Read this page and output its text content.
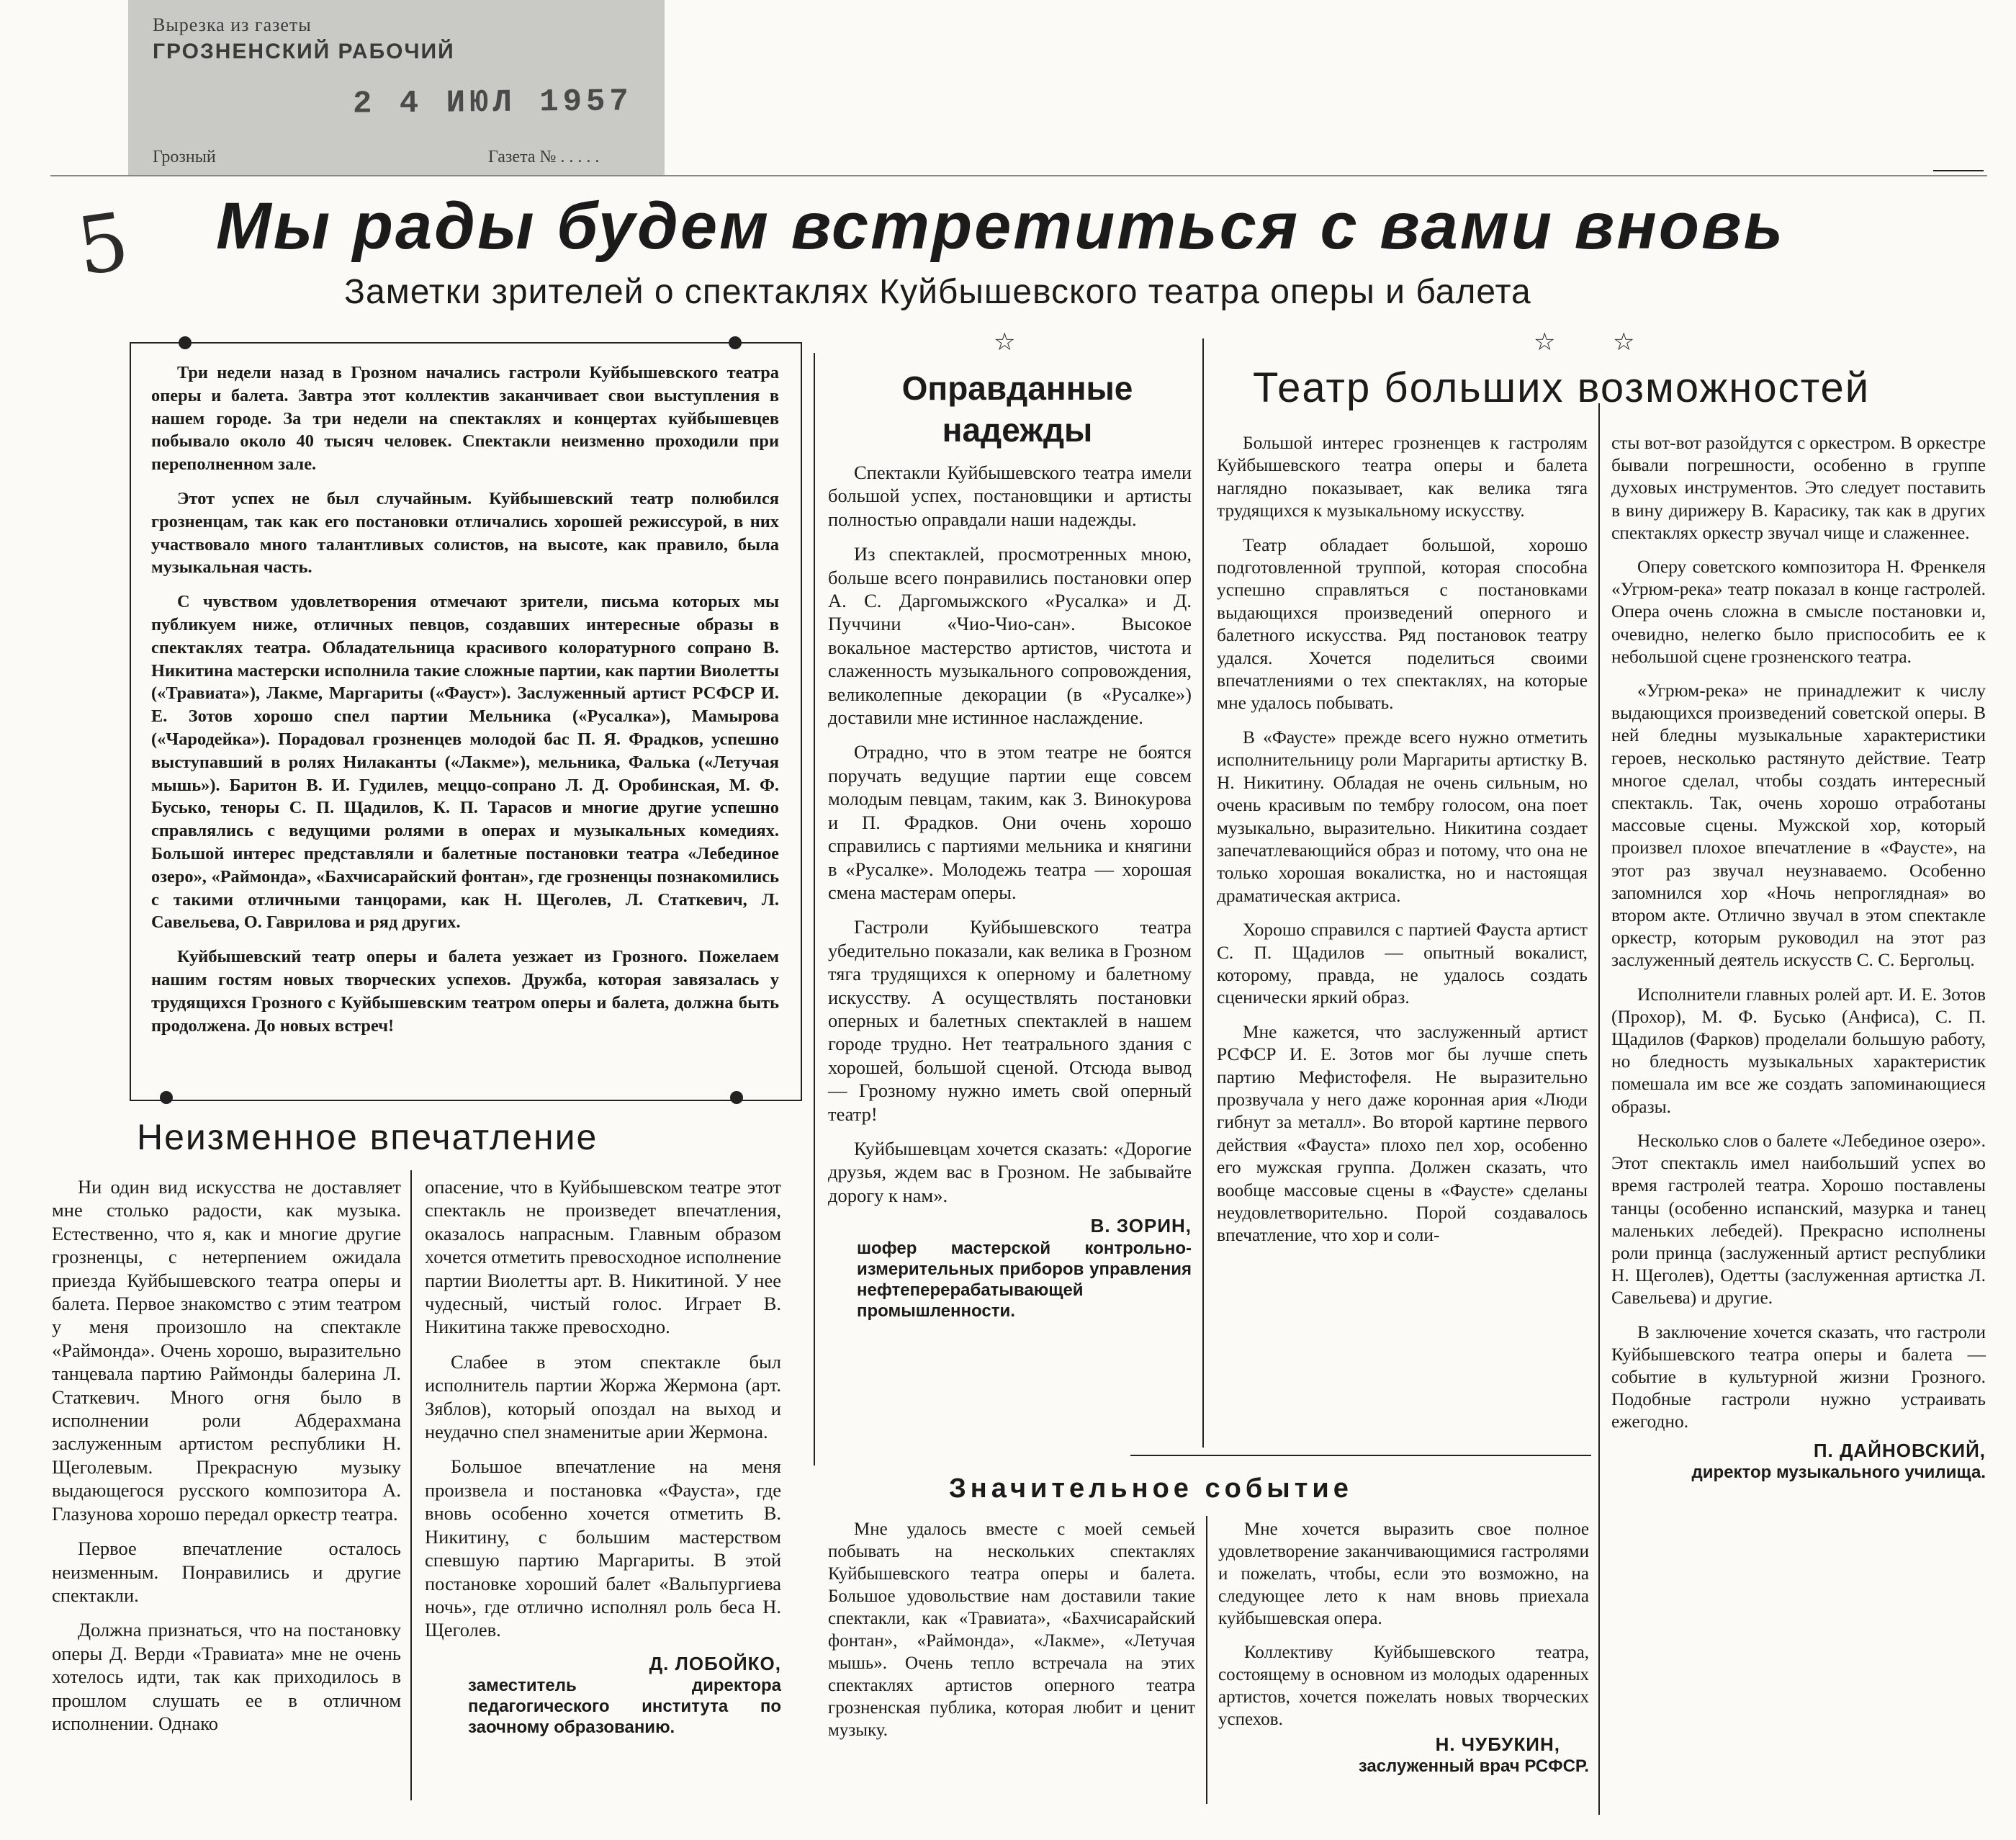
Вырезка из газеты
ГРОЗНЕНСКИЙ РАБОЧИЙ
2 4 ИЮЛ 1957
Грозный	Газета № . . . . .
5 Мы рады будем встретиться с вами вновь
Заметки зрителей о спектаклях Куйбышевского театра оперы и балета

Три недели назад в Грозном начались гастроли Куйбышевского театра оперы и балета. Завтра этот коллектив заканчивает свои выступления в нашем городе. За три недели на спектаклях и концертах куйбышевцев побывало около 40 тысяч человек. Спектакли неизменно проходили при переполненном зале.

Этот успех не был случайным. Куйбышевский театр полюбился грозненцам, так как его постановки отличались хорошей режиссурой, в них участвовало много талантливых солистов, на высоте, как правило, была музыкальная часть.

С чувством удовлетворения отмечают зрители, письма которых мы публикуем ниже, отличных певцов, создавших интересные образы в спектаклях театра. Обладательница красивого колоратурного сопрано В. Никитина мастерски исполнила такие сложные партии, как партии Виолетты («Травиата»), Лакме, Маргариты («Фауст»). Заслуженный артист РСФСР И. Е. Зотов хорошо спел партии Мельника («Русалка»), Мамырова («Чародейка»). Порадовал грозненцев молодой бас П. Я. Фрадков, успешно выступавший в ролях Нилаканты («Лакме»), мельника, Фалька («Летучая мышь»). Баритон В. И. Гудилев, меццо-сопрано Л. Д. Оробинская, М. Ф. Бусько, теноры С. П. Щадилов, К. П. Тарасов и многие другие успешно справлялись с ведущими ролями в операх и музыкальных комедиях. Большой интерес представляли и балетные постановки театра «Лебединое озеро», «Раймонда», «Бахчисарайский фонтан», где грозненцы познакомились с такими отличными танцорами, как Н. Щеголев, Л. Статкевич, Л. Савельева, О. Гаврилова и ряд других.

Куйбышевский театр оперы и балета уезжает из Грозного. Пожелаем нашим гостям новых творческих успехов. Дружба, которая завязалась у трудящихся Грозного с Куйбышевским театром оперы и балета, должна быть продолжена. До новых встреч!

☆	☆ ☆
Неизменное впечатление

Ни один вид искусства не доставляет мне столько радости, как музыка. Естественно, что я, как и многие другие грозненцы, с нетерпением ожидала приезда Куйбышевского театра оперы и балета. Первое знакомство с этим театром у меня произошло на спектакле «Раймонда». Очень хорошо, выразительно танцевала партию Раймонды балерина Л. Статкевич. Много огня было в исполнении роли Абдерахмана заслуженным артистом республики Н. Щеголевым. Прекрасную музыку выдающегося русского композитора А. Глазунова хорошо передал оркестр театра.

Первое впечатление осталось неизменным. Понравились и другие спектакли.

Должна признаться, что на постановку оперы Д. Верди «Травиата» мне не очень хотелось идти, так как приходилось в прошлом слушать ее в отличном исполнении. Однако

опасение, что в Куйбышевском театре этот спектакль не произведет впечатления, оказалось напрасным. Главным образом хочется отметить превосходное исполнение партии Виолетты арт. В. Никитиной. У нее чудесный, чистый голос. Играет В. Никитина также превосходно.

Слабее в этом спектакле был исполнитель партии Жоржа Жермона (арт. Зяблов), который опоздал на выход и неудачно спел знаменитые арии Жермона.

Большое впечатление на меня произвела и постановка «Фауста», где вновь особенно хочется отметить В. Никитину, с большим мастерством спевшую партию Маргариты. В этой постановке хороший балет «Вальпургиева ночь», где отлично исполнял роль беса Н. Щеголев.

Д. ЛОБОЙКО,
заместитель директора педагогического института по заочному образованию.
Оправданные надежды

Спектакли Куйбышевского театра имели большой успех, постановщики и артисты полностью оправдали наши надежды.

Из спектаклей, просмотренных мною, больше всего понравились постановки опер А. С. Даргомыжского «Русалка» и Д. Пуччини «Чио-Чио-сан». Высокое вокальное мастерство артистов, чистота и слаженность музыкального сопровождения, великолепные декорации (в «Русалке») доставили мне истинное наслаждение.

Отрадно, что в этом театре не боятся поручать ведущие партии еще совсем молодым певцам, таким, как З. Винокурова и П. Фрадков. Они очень хорошо справились с партиями мельника и княгини в «Русалке». Молодежь театра — хорошая смена мастерам оперы.

Гастроли Куйбышевского театра убедительно показали, как велика в Грозном тяга трудящихся к оперному и балетному искусству. А осуществлять постановки оперных и балетных спектаклей в нашем городе трудно. Нет театрального здания с хорошей, большой сценой. Отсюда вывод — Грозному нужно иметь свой оперный театр!

Куйбышевцам хочется сказать: «Дорогие друзья, ждем вас в Грозном. Не забывайте дорогу к нам».

В. ЗОРИН,
шофер мастерской контрольно-измерительных приборов управления нефтеперерабатывающей промышленности.
Театр больших возможностей

Большой интерес грозненцев к гастролям Куйбышевского театра оперы и балета наглядно показывает, как велика тяга трудящихся к музыкальному искусству.

Театр обладает большой, хорошо подготовленной труппой, которая способна успешно справляться с постановками выдающихся произведений оперного и балетного искусства. Ряд постановок театру удался. Хочется поделиться своими впечатлениями о тех спектаклях, на которые мне удалось побывать.

В «Фаусте» прежде всего нужно отметить исполнительницу роли Маргариты артистку В. Н. Никитину. Обладая не очень сильным, но очень красивым по тембру голосом, она поет музыкально, выразительно. Никитина создает запечатлевающийся образ и потому, что она не только хорошая вокалистка, но и настоящая драматическая актриса.

Хорошо справился с партией Фауста артист С. П. Щадилов — опытный вокалист, которому, правда, не удалось создать сценически яркий образ.

Мне кажется, что заслуженный артист РСФСР И. Е. Зотов мог бы лучше спеть партию Мефистофеля. Не выразительно прозвучала у него даже коронная ария «Люди гибнут за металл». Во второй картине первого действия «Фауста» плохо пел хор, особенно его мужская группа. Должен сказать, что вообще массовые сцены в «Фаусте» сделаны неудовлетворительно. Порой создавалось впечатление, что хор и соли-

сты вот-вот разойдутся с оркестром. В оркестре бывали погрешности, особенно в группе духовых инструментов. Это следует поставить в вину дирижеру В. Карасику, так как в других спектаклях оркестр звучал чище и слаженнее.

Оперу советского композитора Н. Френкеля «Угрюм-река» театр показал в конце гастролей. Опера очень сложна в смысле постановки и, очевидно, нелегко было приспособить ее к небольшой сцене грозненского театра.

«Угрюм-река» не принадлежит к числу выдающихся произведений советской оперы. В ней бледны музыкальные характеристики героев, несколько растянуто действие. Театр многое сделал, чтобы создать интересный спектакль. Так, очень хорошо отработаны массовые сцены. Мужской хор, который произвел плохое впечатление в «Фаусте», на этот раз звучал неузнаваемо. Особенно запомнился хор «Ночь непроглядная» во втором акте. Отлично звучал в этом спектакле оркестр, которым руководил на этот раз заслуженный деятель искусств С. С. Бергольц.

Исполнители главных ролей арт. И. Е. Зотов (Прохор), М. Ф. Бусько (Анфиса), С. П. Щадилов (Фарков) проделали большую работу, но бледность музыкальных характеристик помешала им все же создать запоминающиеся образы.

Несколько слов о балете «Лебединое озеро». Этот спектакль имел наибольший успех во время гастролей театра. Хорошо поставлены танцы (особенно испанский, мазурка и танец маленьких лебедей). Прекрасно исполнены роли принца (заслуженный артист республики Н. Щеголев), Одетты (заслуженная артистка Л. Савельева) и другие.

В заключение хочется сказать, что гастроли Куйбышевского театра оперы и балета — событие в культурной жизни Грозного. Подобные гастроли нужно устраивать ежегодно.

П. ДАЙНОВСКИЙ,
директор музыкального училища.
Значительное событие

Мне удалось вместе с моей семьей побывать на нескольких спектаклях Куйбышевского театра оперы и балета. Большое удовольствие нам доставили такие спектакли, как «Травиата», «Бахчисарайский фонтан», «Раймонда», «Лакме», «Летучая мышь». Очень тепло встречала на этих спектаклях артистов оперного театра грозненская публика, которая любит и ценит музыку.

Мне хочется выразить свое полное удовлетворение заканчивающимися гастролями и пожелать, чтобы, если это возможно, на следующее лето к нам вновь приехала куйбышевская опера.

Коллективу Куйбышевского театра, состоящему в основном из молодых одаренных артистов, хочется пожелать новых творческих успехов.

Н. ЧУБУКИН,
заслуженный врач РСФСР.
